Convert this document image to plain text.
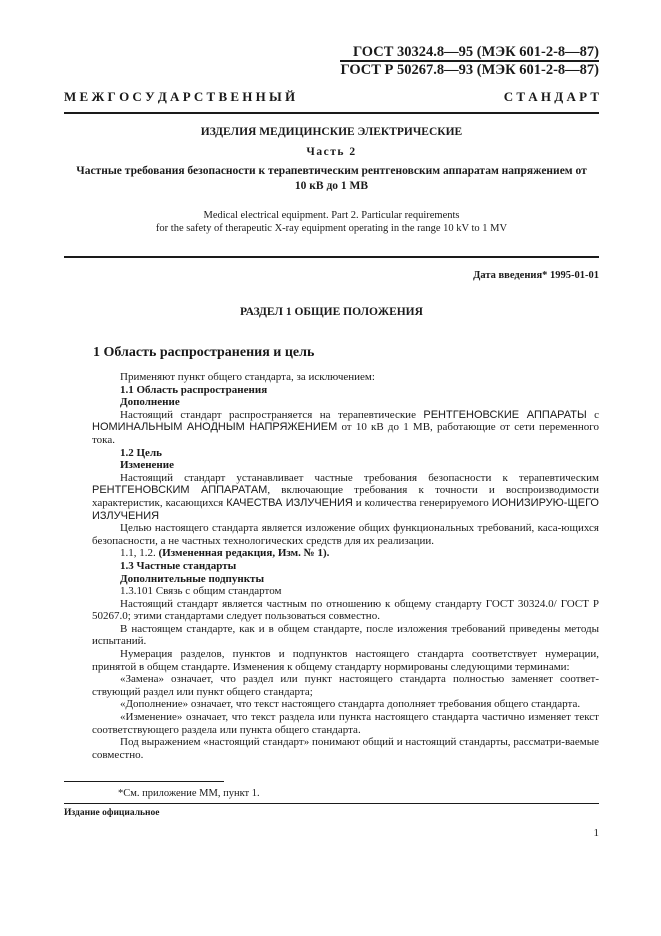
ГОСТ 30324.8—95 (МЭК 601-2-8—87)
ГОСТ Р 50267.8—93 (МЭК 601-2-8—87)
М Е Ж Г О С У Д А Р С Т В Е Н Н Ы Й	С Т А Н Д А Р Т
ИЗДЕЛИЯ МЕДИЦИНСКИЕ ЭЛЕКТРИЧЕСКИЕ
Часть 2
Частные требования безопасности к терапевтическим рентгеновским аппаратам напряжением от 10 кВ до 1 МВ
Medical electrical equipment. Part 2. Particular requirements
for the safety of therapeutic X-ray equipment operating in the range 10 kV to 1 MV
Дата введения* 1995-01-01
РАЗДЕЛ 1 ОБЩИЕ ПОЛОЖЕНИЯ
1 Область распространения и цель

Применяют пункт общего стандарта, за исключением:

1.1 Область распространения

Дополнение

Настоящий стандарт распространяется на терапевтические РЕНТГЕНОВСКИЕ АППАРАТЫ с НОМИНАЛЬНЫМ АНОДНЫМ НАПРЯЖЕНИЕМ от 10 кВ до 1 МВ, работающие от сети переменного тока.

1.2 Цель

Изменение

Настоящий стандарт устанавливает частные требования безопасности к терапевтическим РЕНТГЕНОВСКИМ АППАРАТАМ, включающие требования к точности и воспроизводимости характеристик, касающихся КАЧЕСТВА ИЗЛУЧЕНИЯ и количества генерируемого ИОНИЗИРУЮ-ЩЕГО ИЗЛУЧЕНИЯ

Целью настоящего стандарта является изложение общих функциональных требований, каса-ющихся безопасности, а не частных технологических средств для их реализации.

1.1, 1.2. (Измененная редакция, Изм. № 1).

1.3 Частные стандарты

Дополнительные подпункты

1.3.101 Связь с общим стандартом

Настоящий стандарт является частным по отношению к общему стандарту ГОСТ 30324.0/ ГОСТ Р 50267.0; этими стандартами следует пользоваться совместно.

В настоящем стандарте, как и в общем стандарте, после изложения требований приведены методы испытаний.

Нумерация разделов, пунктов и подпунктов настоящего стандарта соответствует нумерации, принятой в общем стандарте. Изменения к общему стандарту нормированы следующими терминами:

«Замена» означает, что раздел или пункт настоящего стандарта полностью заменяет соответ-ствующий раздел или пункт общего стандарта;

«Дополнение» означает, что текст настоящего стандарта дополняет требования общего стандарта.

«Изменение» означает, что текст раздела или пункта настоящего стандарта частично изменяет текст соответствующего раздела или пункта общего стандарта.

Под выражением «настоящий стандарт» понимают общий и настоящий стандарты, рассматри-ваемые совместно.

*См. приложение ММ, пункт 1.
Издание официальное
1
